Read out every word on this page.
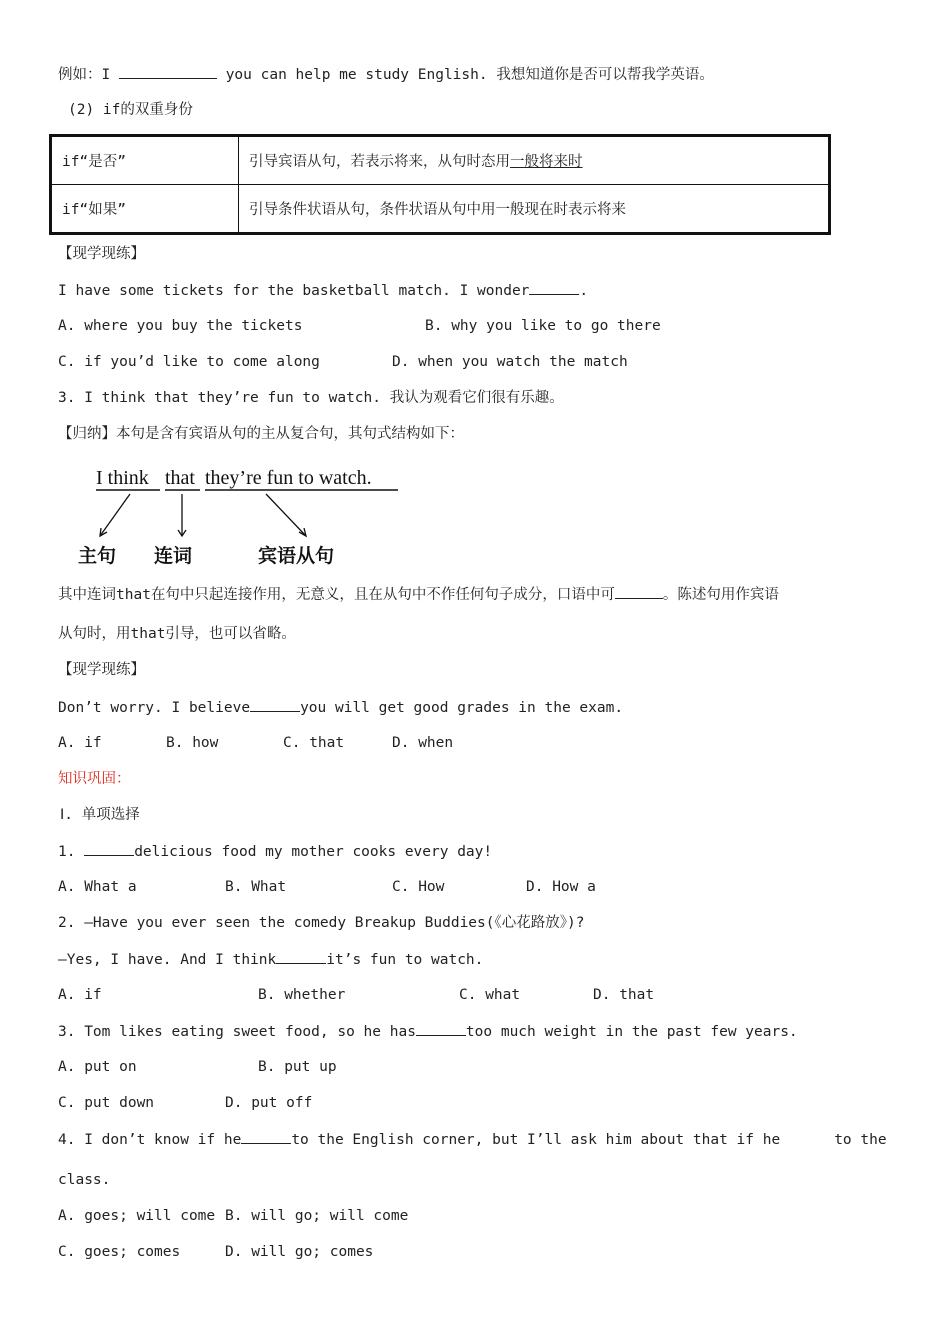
例如：I	you can help me study English. 我想知道你是否可以帮我学英语。
(2) if的双重身份
if“是否”	引导宾语从句，若表示将来，从句时态用一般将来时
if“如果”	引导条件状语从句，条件状语从句中用一般现在时表示将来
【现学现练】
I have some tickets for the basketball match. I wonder	.
A. where you buy the tickets	B. why you like to go there
C. if you’d like to come along	D. when you watch the match
3. I think that they’re fun to watch. 我认为观看它们很有乐趣。
【归纳】本句是含有宾语从句的主从复合句，其句式结构如下：
I think that they’re fun to watch.
主句 连词	宾语从句
其中连词that在句中只起连接作用，无意义，且在从句中不作任何句子成分，口语中可	。陈述句用作宾语
从句时，用that引导，也可以省略。
【现学现练】
Don’t worry. I believe	you will get good grades in the exam.
A. if	B. how	C. that	D. when
知识巩固：
Ⅰ. 单项选择
1.	delicious food my mother cooks every day!
A. What a	B. What	C. How	D. How a
2. —Have you ever seen the comedy Breakup Buddies(《心花路放》)?
—Yes, I have. And I think	it’s fun to watch.
A. if	B. whether	C. what	D. that
3. Tom likes eating sweet food, so he has	too much weight in the past few years.
A. put on	B. put up
C. put down	D. put off
4. I don’t know if he	to the English corner, but I’ll ask him about that if he	to the
class.
A. goes; will come B. will go; will come
C. goes; comes	D. will go; comes
